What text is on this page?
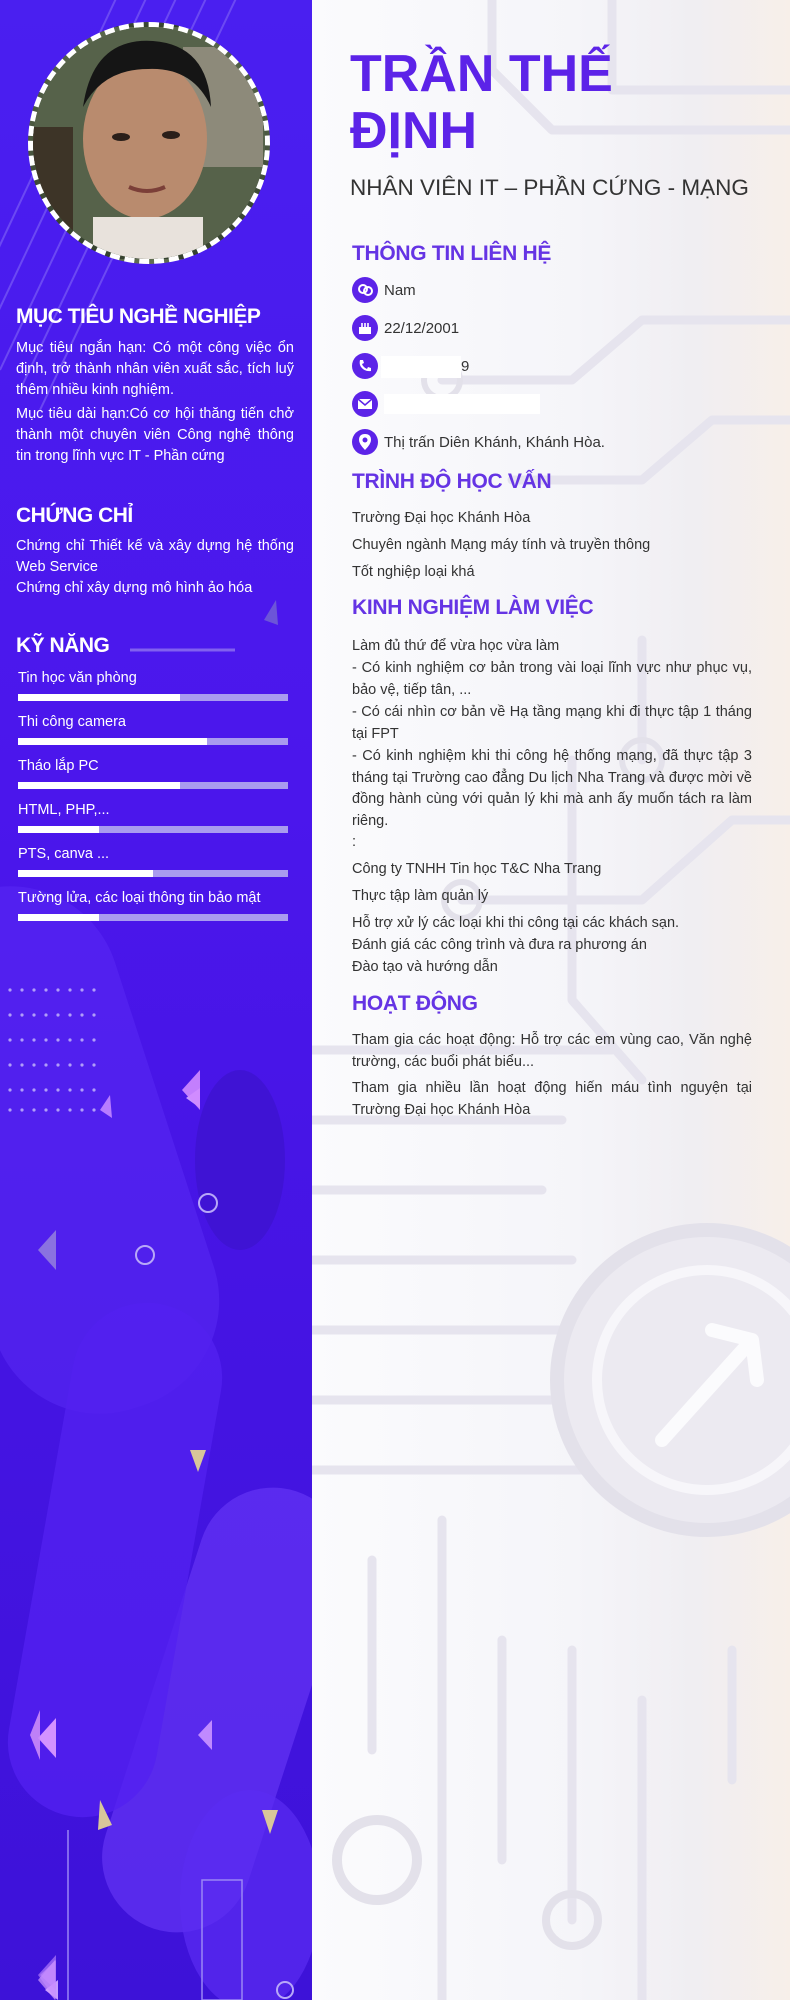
MỤC TIÊU NGHỀ NGHIỆP

Mục tiêu ngắn hạn: Có một công việc ổn định, trở thành nhân viên xuất sắc, tích luỹ thêm nhiều kinh nghiệm.

Mục tiêu dài hạn:Có cơ hội thăng tiến chở thành một chuyên viên Công nghệ thông tin trong lĩnh vực IT - Phần cứng

CHỨNG CHỈ

Chứng chỉ Thiết kế và xây dựng hệ thống Web Service

Chứng chỉ xây dựng mô hình ảo hóa

KỸ NĂNG
Tin học văn phòng
Thi công camera
Tháo lắp PC
HTML, PHP,...
PTS, canva ...
Tường lửa, các loại thông tin bảo mật
TRẦN THẾ
ĐỊNH

NHÂN VIÊN IT – PHẦN CỨNG - MẠNG

THÔNG TIN LIÊN HỆ
Nam
22/12/2001
9
Thị trấn Diên Khánh, Khánh Hòa.
TRÌNH ĐỘ HỌC VẤN

Trường Đại học Khánh Hòa

Chuyên ngành Mạng máy tính và truyền thông

Tốt nghiệp loại khá

KINH NGHIỆM LÀM VIỆC

Làm đủ thứ để vừa học vừa làm

- Có kinh nghiệm cơ bản trong vài loại lĩnh vực như phục vụ, bảo vệ, tiếp tân, ...

- Có cái nhìn cơ bản về Hạ tầng mạng khi đi thực tập 1 tháng tại FPT

- Có kinh nghiệm khi thi công hệ thống mạng, đã thực tập 3 tháng tại Trường cao đẳng Du lịch Nha Trang và được mời về đồng hành cùng với quản lý khi mà anh ấy muốn tách ra làm riêng.

:

Công ty TNHH Tin học T&C Nha Trang

Thực tập làm quản lý

Hỗ trợ xử lý các loại khi thi công tại các khách sạn.

Đánh giá các công trình và đưa ra phương án

Đào tạo và hướng dẫn

HOẠT ĐỘNG

Tham gia các hoạt động: Hỗ trợ các em vùng cao, Văn nghệ trường, các buổi phát biểu...

Tham gia nhiều lần hoạt động hiến máu tình nguyện tại Trường Đại học Khánh Hòa
